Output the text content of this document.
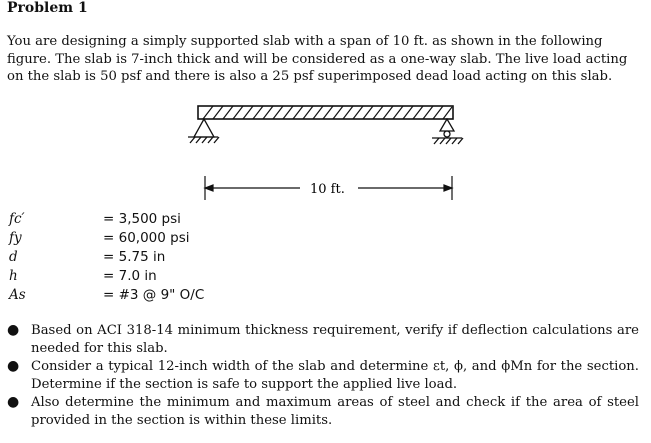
Problem 1
You are designing a simply supported slab with a span of 10 ft. as shown in the following figure. The slab is 7-inch thick and will be considered as a one-way slab. The live load acting on the slab is 50 psf and there is also a 25 psf superimposed dead load acting on this slab.
10 ft.
fc′	= 3,500 psi
fy	= 60,000 psi
d	= 5.75 in
h	= 7.0 in
As	= #3 @ 9" O/C
● Based on ACI 318-14 minimum thickness requirement, verify if deflection calculations are needed for this slab.
● Consider a typical 12-inch width of the slab and determine εt, ϕ, and ϕMn for the section. Determine if the section is safe to support the applied live load.
● Also determine the minimum and maximum areas of steel and check if the area of steel provided in the section is within these limits.
